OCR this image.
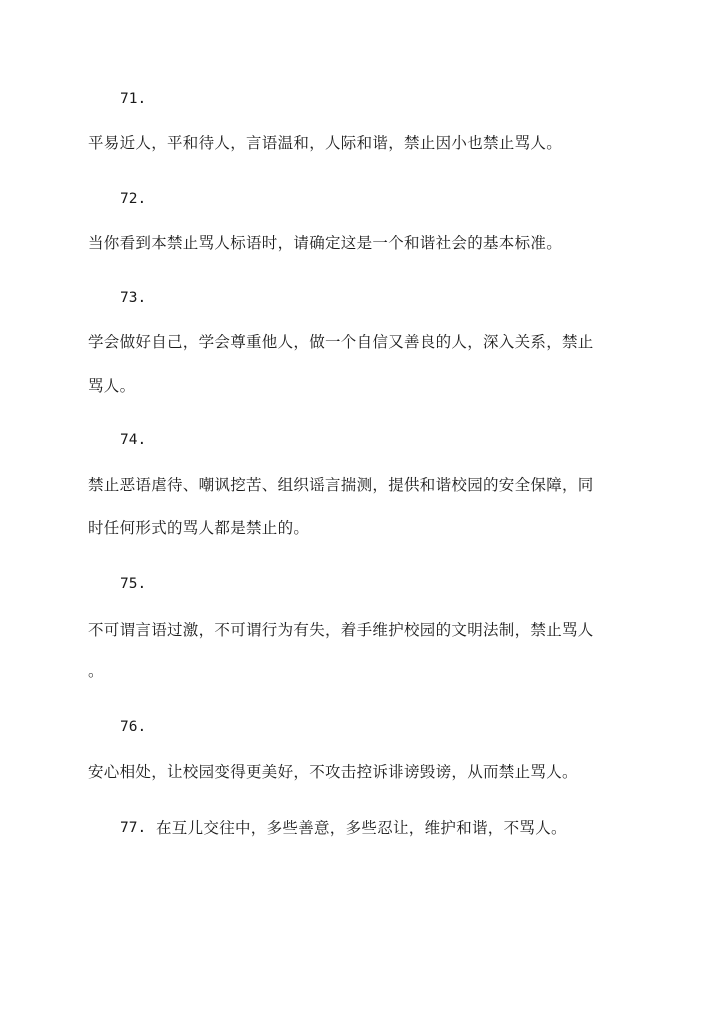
71.
平易近人，平和待人，言语温和，人际和谐，禁止因小也禁止骂人。
72.
当你看到本禁止骂人标语时，请确定这是一个和谐社会的基本标准。
73.
学会做好自己，学会尊重他人，做一个自信又善良的人，深入关系，禁止
骂人。
74.
禁止恶语虐待、嘲讽挖苦、组织谣言揣测，提供和谐校园的安全保障，同
时任何形式的骂人都是禁止的。
75.
不可谓言语过激，不可谓行为有失，着手维护校园的文明法制，禁止骂人
。
76.
安心相处，让校园变得更美好，不攻击控诉诽谤毁谤，从而禁止骂人。
77. 在互儿交往中，多些善意，多些忍让，维护和谐，不骂人。
